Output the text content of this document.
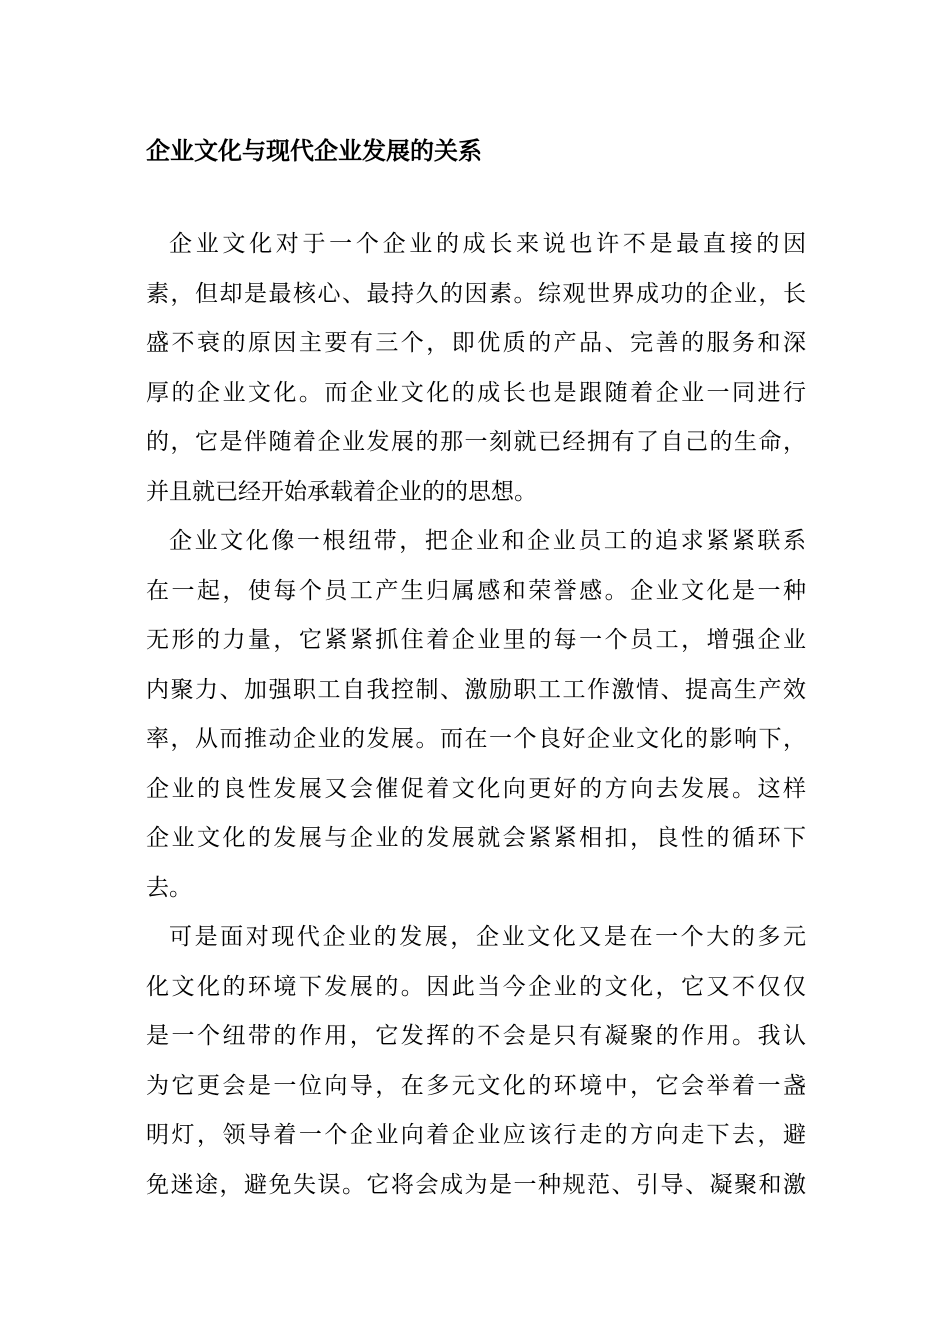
企业文化与现代企业发展的关系

企业文化对于一个企业的成长来说也许不是最直接的因
素，但却是最核心、最持久的因素。综观世界成功的企业，长
盛不衰的原因主要有三个，即优质的产品、完善的服务和深
厚的企业文化。而企业文化的成长也是跟随着企业一同进行
的，它是伴随着企业发展的那一刻就已经拥有了自己的生命，
并且就已经开始承载着企业的的思想。

企业文化像一根纽带，把企业和企业员工的追求紧紧联系
在一起，使每个员工产生归属感和荣誉感。企业文化是一种
无形的力量，它紧紧抓住着企业里的每一个员工，增强企业
内聚力、加强职工自我控制、激励职工工作激情、提高生产效
率，从而推动企业的发展。而在一个良好企业文化的影响下，
企业的良性发展又会催促着文化向更好的方向去发展。这样
企业文化的发展与企业的发展就会紧紧相扣，良性的循环下
去。

可是面对现代企业的发展，企业文化又是在一个大的多元
化文化的环境下发展的。因此当今企业的文化，它又不仅仅
是一个纽带的作用，它发挥的不会是只有凝聚的作用。我认
为它更会是一位向导，在多元文化的环境中，它会举着一盏
明灯，领导着一个企业向着企业应该行走的方向走下去，避
免迷途，避免失误。它将会成为是一种规范、引导、凝聚和激
